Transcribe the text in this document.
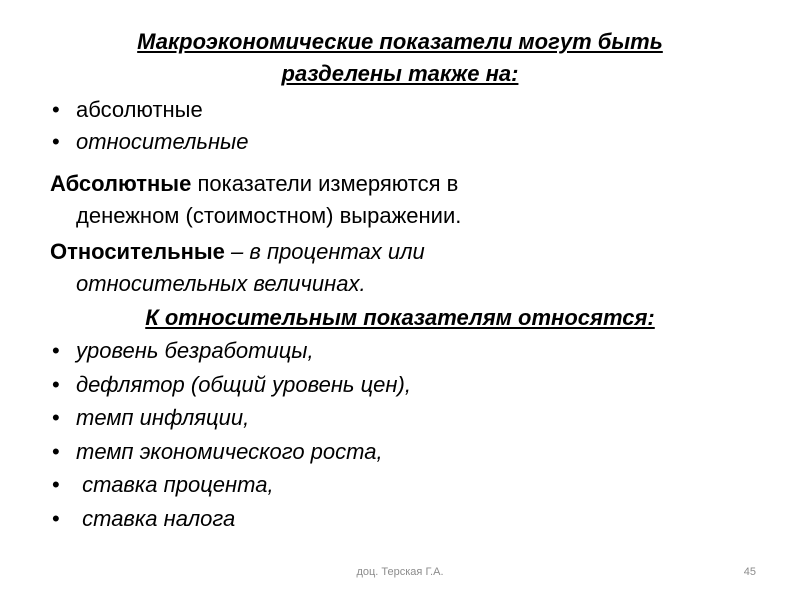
Макроэкономические показатели могут быть

разделены также на:

• абсолютные
• относительные

Абсолютные показатели измеряются в
денежном (стоимостном) выражении.

Относительные – в процентах или
относительных величинах.

К относительным показателям относятся:

• уровень безработицы,
• дефлятор (общий уровень цен),
• темп инфляции,
• темп экономического роста,
• ставка процента,
• ставка налога
доц. Терская Г.А.	45
